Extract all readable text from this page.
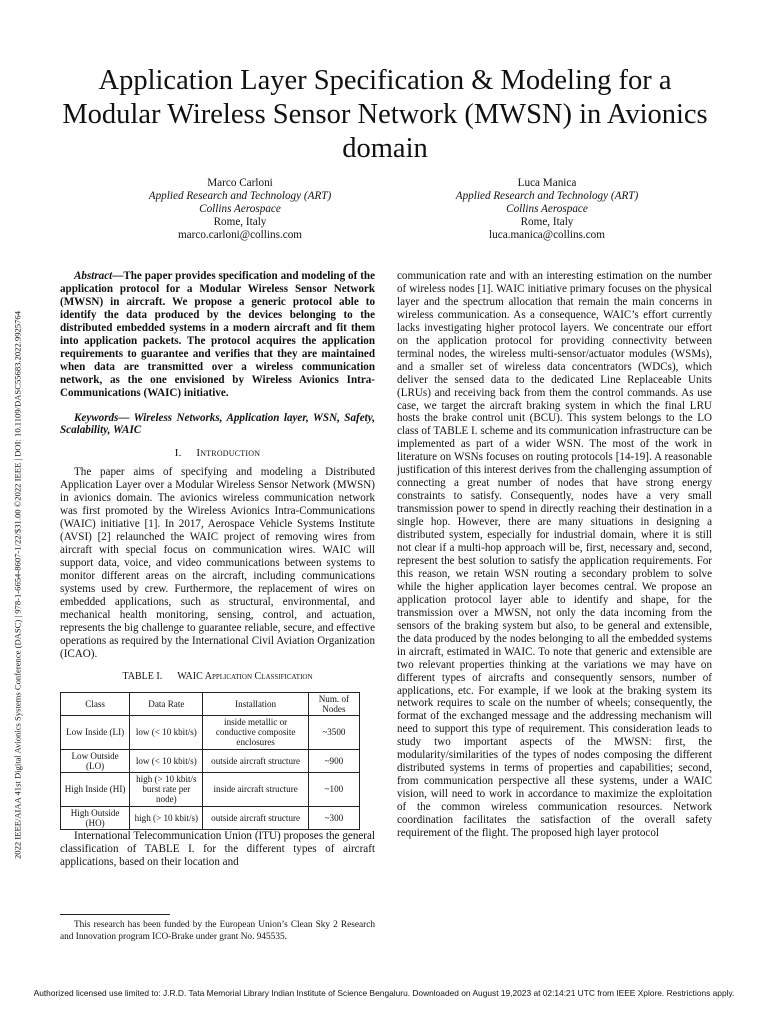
2022 IEEE/AIAA 41st Digital Avionics Systems Conference (DASC) | 978-1-6654-8607-1/22/$31.00 ©2022 IEEE | DOI: 10.1109/DASC55683.2022.9925764
Application Layer Specification & Modeling for a Modular Wireless Sensor Network (MWSN) in Avionics domain
Marco Carloni
Applied Research and Technology (ART)
Collins Aerospace
Rome, Italy
marco.carloni@collins.com
Luca Manica
Applied Research and Technology (ART)
Collins Aerospace
Rome, Italy
luca.manica@collins.com

Abstract—The paper provides specification and modeling of the application protocol for a Modular Wireless Sensor Network (MWSN) in aircraft. We propose a generic protocol able to identify the data produced by the devices belonging to the distributed embedded systems in a modern aircraft and fit them into application packets. The protocol acquires the application requirements to guarantee and verifies that they are maintained when data are transmitted over a wireless communication network, as the one envisioned by Wireless Avionics Intra-Communications (WAIC) initiative.

Keywords— Wireless Networks, Application layer, WSN, Safety, Scalability, WAIC

I. Introduction

The paper aims of specifying and modeling a Distributed Application Layer over a Modular Wireless Sensor Network (MWSN) in avionics domain. The avionics wireless communication network was first promoted by the Wireless Avionics Intra-Communications (WAIC) initiative [1]. In 2017, Aerospace Vehicle Systems Institute (AVSI) [2] relaunched the WAIC project of removing wires from aircraft with special focus on communication wires. WAIC will support data, voice, and video communications between systems to monitor different areas on the aircraft, including communications systems used by crew. Furthermore, the replacement of wires on embedded applications, such as structural, environmental, and mechanical health monitoring, sensing, control, and actuation, represents the big challenge to guarantee reliable, secure, and effective operations as required by the International Civil Aviation Organization (ICAO).

TABLE I. WAIC Application Classification
Class	Data Rate	Installation	Num. of Nodes
Low Inside (LI)	low (< 10 kbit/s)	inside metallic or conductive composite enclosures	~3500
Low Outside (LO)	low (< 10 kbit/s)	outside aircraft structure	~900
High Inside (HI)	high (> 10 kbit/s burst rate per node)	inside aircraft structure	~100
High Outside (HO)	high (> 10 kbit/s)	outside aircraft structure	~300

International Telecommunication Union (ITU) proposes the general classification of TABLE I. for the different types of aircraft applications, based on their location and

This research has been funded by the European Union’s Clean Sky 2 Research and Innovation program ICO-Brake under grant No. 945535.

communication rate and with an interesting estimation on the number of wireless nodes [1]. WAIC initiative primary focuses on the physical layer and the spectrum allocation that remain the main concerns in wireless communication. As a consequence, WAIC’s effort currently lacks investigating higher protocol layers. We concentrate our effort on the application protocol for providing connectivity between terminal nodes, the wireless multi-sensor/actuator modules (WSMs), and a smaller set of wireless data concentrators (WDCs), which deliver the sensed data to the dedicated Line Replaceable Units (LRUs) and receiving back from them the control commands. As use case, we target the aircraft braking system in which the final LRU hosts the brake control unit (BCU). This system belongs to the LO class of TABLE I. scheme and its communication infrastructure can be implemented as part of a wider WSN. The most of the work in literature on WSNs focuses on routing protocols [14-19]. A reasonable justification of this interest derives from the challenging assumption of connecting a great number of nodes that have strong energy constraints to satisfy. Consequently, nodes have a very small transmission power to spend in directly reaching their destination in a single hop. However, there are many situations in designing a distributed system, especially for industrial domain, where it is still not clear if a multi-hop approach will be, first, necessary and, second, represent the best solution to satisfy the application requirements. For this reason, we retain WSN routing a secondary problem to solve while the higher application layer becomes central. We propose an application protocol layer able to identify and shape, for the transmission over a MWSN, not only the data incoming from the sensors of the braking system but also, to be general and extensible, the data produced by the nodes belonging to all the embedded systems in aircraft, estimated in WAIC. To note that generic and extensible are two relevant properties thinking at the variations we may have on different types of aircrafts and consequently sensors, number of applications, etc. For example, if we look at the braking system its network requires to scale on the number of wheels; consequently, the format of the exchanged message and the addressing mechanism will need to support this type of requirement. This consideration leads to study two important aspects of the MWSN: first, the modularity/similarities of the types of nodes composing the different distributed systems in terms of properties and capabilities; second, from communication perspective all these systems, under a WAIC vision, will need to work in accordance to maximize the exploitation of the common wireless communication resources. Network coordination facilitates the satisfaction of the overall safety requirement of the flight. The proposed high layer protocol

Authorized licensed use limited to: J.R.D. Tata Memorial Library Indian Institute of Science Bengaluru. Downloaded on August 19,2023 at 02:14:21 UTC from IEEE Xplore. Restrictions apply.
